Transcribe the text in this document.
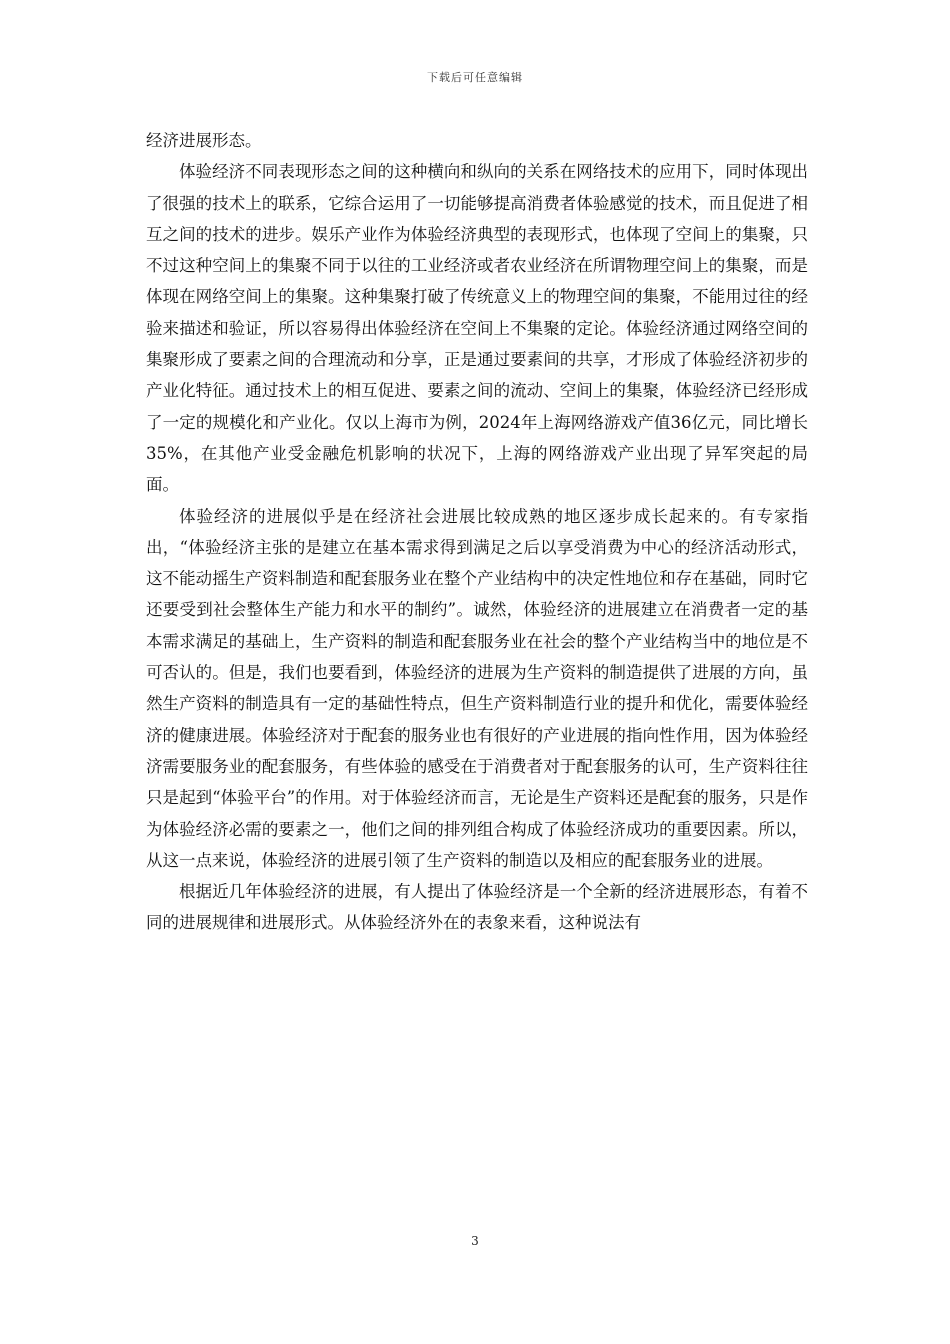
下载后可任意编辑

经济进展形态。

体验经济不同表现形态之间的这种横向和纵向的关系在网络技术的应用下，同时体现出了很强的技术上的联系，它综合运用了一切能够提高消费者体验感觉的技术，而且促进了相互之间的技术的进步。娱乐产业作为体验经济典型的表现形式，也体现了空间上的集聚，只不过这种空间上的集聚不同于以往的工业经济或者农业经济在所谓物理空间上的集聚，而是体现在网络空间上的集聚。这种集聚打破了传统意义上的物理空间的集聚，不能用过往的经验来描述和验证，所以容易得出体验经济在空间上不集聚的定论。体验经济通过网络空间的集聚形成了要素之间的合理流动和分享，正是通过要素间的共享，才形成了体验经济初步的产业化特征。通过技术上的相互促进、要素之间的流动、空间上的集聚，体验经济已经形成了一定的规模化和产业化。仅以上海市为例，2024年上海网络游戏产值36亿元，同比增长35%，在其他产业受金融危机影响的状况下，上海的网络游戏产业出现了异军突起的局面。

体验经济的进展似乎是在经济社会进展比较成熟的地区逐步成长起来的。有专家指出，“体验经济主张的是建立在基本需求得到满足之后以享受消费为中心的经济活动形式，这不能动摇生产资料制造和配套服务业在整个产业结构中的决定性地位和存在基础，同时它还要受到社会整体生产能力和水平的制约”。诚然，体验经济的进展建立在消费者一定的基本需求满足的基础上，生产资料的制造和配套服务业在社会的整个产业结构当中的地位是不可否认的。但是，我们也要看到，体验经济的进展为生产资料的制造提供了进展的方向，虽然生产资料的制造具有一定的基础性特点，但生产资料制造行业的提升和优化，需要体验经济的健康进展。体验经济对于配套的服务业也有很好的产业进展的指向性作用，因为体验经济需要服务业的配套服务，有些体验的感受在于消费者对于配套服务的认可，生产资料往往只是起到“体验平台”的作用。对于体验经济而言，无论是生产资料还是配套的服务，只是作为体验经济必需的要素之一，他们之间的排列组合构成了体验经济成功的重要因素。所以，从这一点来说，体验经济的进展引领了生产资料的制造以及相应的配套服务业的进展。

根据近几年体验经济的进展，有人提出了体验经济是一个全新的经济进展形态，有着不同的进展规律和进展形式。从体验经济外在的表象来看，这种说法有

3
